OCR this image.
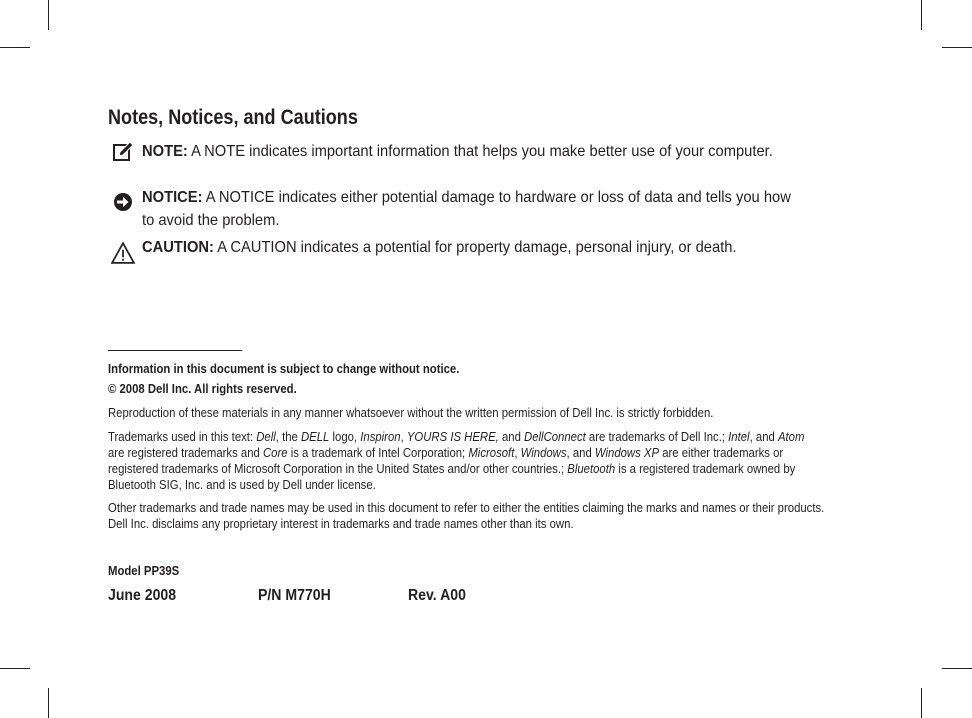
Notes, Notices, and Cautions
NOTE: A NOTE indicates important information that helps you make better use of your computer.
NOTICE: A NOTICE indicates either potential damage to hardware or loss of data and tells you how to avoid the problem.
CAUTION: A CAUTION indicates a potential for property damage, personal injury, or death.
Information in this document is subject to change without notice.
© 2008 Dell Inc. All rights reserved.
Reproduction of these materials in any manner whatsoever without the written permission of Dell Inc. is strictly forbidden.
Trademarks used in this text: Dell, the DELL logo, Inspiron, YOURS IS HERE, and DellConnect are trademarks of Dell Inc.; Intel, and Atom are registered trademarks and Core is a trademark of Intel Corporation; Microsoft, Windows, and Windows XP are either trademarks or registered trademarks of Microsoft Corporation in the United States and/or other countries.; Bluetooth is a registered trademark owned by Bluetooth SIG, Inc. and is used by Dell under license.
Other trademarks and trade names may be used in this document to refer to either the entities claiming the marks and names or their products. Dell Inc. disclaims any proprietary interest in trademarks and trade names other than its own.
Model PP39S
June 2008	P/N M770H	Rev. A00
